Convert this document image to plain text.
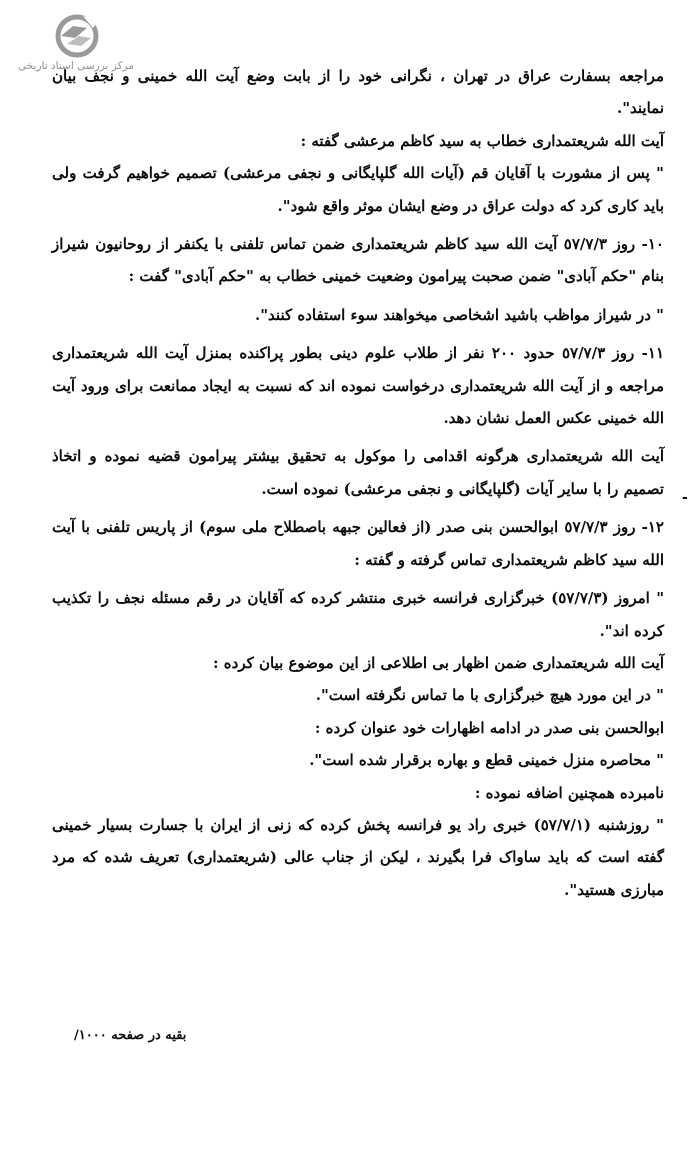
مرکز بررسی اسناد تاریخی
-

مراجعه بسفارت عراق در تهران ، نگرانی خود را از بابت وضع آیت الله خمینی و نجف بیان نمایند".

آیت الله شریعتمداری خطاب به سید کاظم مرعشی گفته :

" پس از مشورت با آقایان قم (آیات الله گلپایگانی و نجفی مرعشی) تصمیم خواهیم گرفت ولی باید کاری کرد که دولت عراق در وضع ایشان موثر واقع شود".

١٠- روز ٥٧/٧/٣ آیت الله سید کاظم شریعتمداری ضمن تماس تلفنی با یکنفر از روحانیون شیراز بنام "حکم آبادی" ضمن صحبت پیرامون وضعیت خمینی خطاب به "حکم آبادی" گفت :

" در شیراز مواظب باشید اشخاصی میخواهند سوء استفاده کنند".

١١- روز ٥٧/٧/٣ حدود ٢٠٠ نفر از طلاب علوم دینی بطور پراکنده بمنزل آیت الله شریعتمداری مراجعه و از آیت الله شریعتمداری درخواست نموده اند که نسبت به ایجاد ممانعت برای ورود آیت الله خمینی عکس العمل نشان دهد.

آیت الله شریعتمداری هرگونه اقدامی را موکول به تحقیق بیشتر پیرامون قضیه نموده و اتخاذ تصمیم را با سایر آیات (گلپایگانی و نجفی مرعشی) نموده است.

١٢- روز ٥٧/٧/٣ ابوالحسن بنی صدر (از فعالین جبهه باصطلاح ملی سوم) از پاریس تلفنی با آیت الله سید کاظم شریعتمداری تماس گرفته و گفته :

" امروز (٥٧/٧/٣) خبرگزاری فرانسه خبری منتشر کرده که آقایان در رقم مسئله نجف را تکذیب کرده اند".

آیت الله شریعتمداری ضمن اظهار بی اطلاعی از این موضوع بیان کرده :

" در این مورد هیچ خبرگزاری با ما تماس نگرفته است".

ابوالحسن بنی صدر در ادامه اظهارات خود عنوان کرده :

" محاصره منزل خمینی قطع و بهاره برقرار شده است".

نامبرده همچنین اضافه نموده :

" روزشنبه (٥٧/٧/١) خبری راد یو فرانسه پخش کرده که زنی از ایران با جسارت بسیار خمینی گفته است که باید ساواک فرا بگیرند ، لیکن از جناب عالی (شریعتمداری) تعریف شده که مرد مبارزی هستید".

بقیه در صفحه ١٠٠٠/
